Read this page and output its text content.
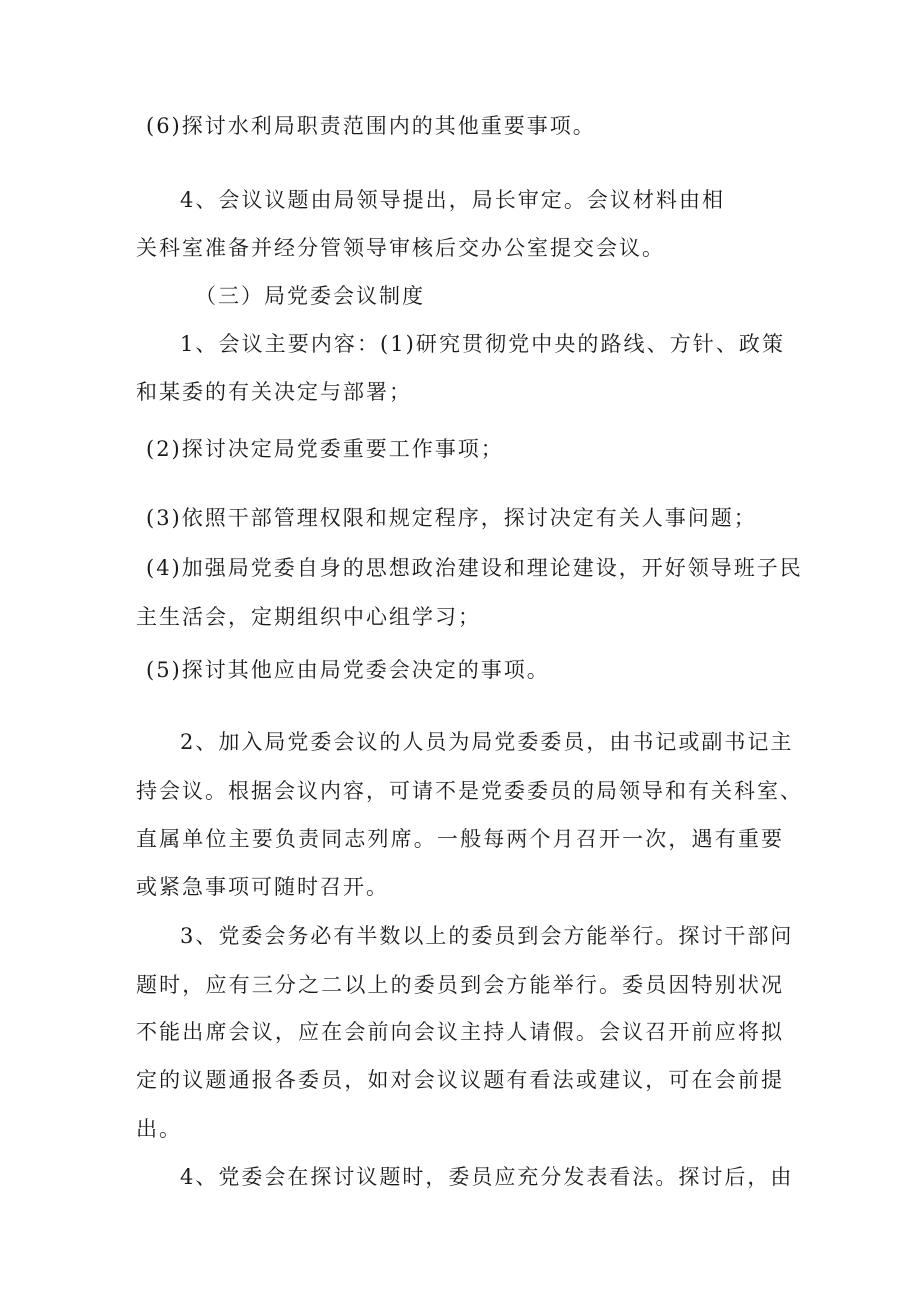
(6)探讨水利局职责范围内的其他重要事项。
4、会议议题由局领导提出，局长审定。会议材料由相
关科室准备并经分管领导审核后交办公室提交会议。
（三）局党委会议制度
1、会议主要内容：(1)研究贯彻党中央的路线、方针、政策
和某委的有关决定与部署；
(2)探讨决定局党委重要工作事项；
(3)依照干部管理权限和规定程序，探讨决定有关人事问题；
(4)加强局党委自身的思想政治建设和理论建设，开好领导班子民
主生活会，定期组织中心组学习；
(5)探讨其他应由局党委会决定的事项。
2、加入局党委会议的人员为局党委委员，由书记或副书记主
持会议。根据会议内容，可请不是党委委员的局领导和有关科室、
直属单位主要负责同志列席。一般每两个月召开一次，遇有重要
或紧急事项可随时召开。
3、党委会务必有半数以上的委员到会方能举行。探讨干部问
题时，应有三分之二以上的委员到会方能举行。委员因特别状况
不能出席会议，应在会前向会议主持人请假。会议召开前应将拟
定的议题通报各委员，如对会议议题有看法或建议，可在会前提
出。
4、党委会在探讨议题时，委员应充分发表看法。探讨后，由
